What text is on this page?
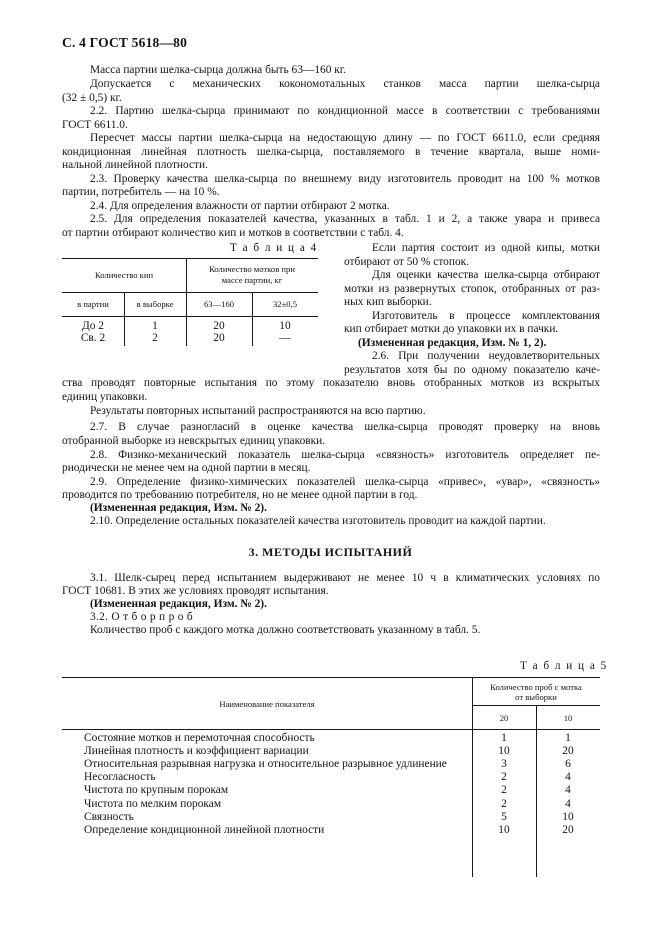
С. 4 ГОСТ 5618—80
Масса партии шелка-сырца должна быть 63—160 кг.
Допускается с механических кокономотальных станков масса партии шелка-сырца
(32 ± 0,5) кг.
2.2. Партию шелка-сырца принимают по кондиционной массе в соответствии с требованиями
ГОСТ 6611.0.
Пересчет массы партии шелка-сырца на недостающую длину — по ГОСТ 6611.0, если средняя
кондиционная линейная плотность шелка-сырца, поставляемого в течение квартала, выше номи-
нальной линейной плотности.
2.3. Проверку качества шелка-сырца по внешнему виду изготовитель проводит на 100 % мотков
партии, потребитель — на 10 %.
2.4. Для определения влажности от партии отбирают 2 мотка.
2.5. Для определения показателей качества, указанных в табл. 1 и 2, а также увара и привеса
от партии отбирают количество кип и мотков в соответствии с табл. 4.
Т а б л и ц а 4
Количество кип
Количество мотков при
массе партии, кг
в партии	в выборке	63—160	32±0,5
До 2	1	20	10
Св. 2	2	20	—
Если партия состоит из одной кипы, мотки
отбирают от 50 % стопок.
Для оценки качества шелка-сырца отбирают
мотки из развернутых стопок, отобранных от раз-
ных кип выборки.
Изготовитель в процессе комплектования
кип отбирает мотки до упаковки их в пачки.
(Измененная редакция, Изм. № 1, 2).
2.6. При получении неудовлетворительных
результатов хотя бы по одному показателю каче-
ства проводят повторные испытания по этому показателю вновь отобранных мотков из вскрытых
единиц упаковки.
Результаты повторных испытаний распространяются на всю партию.
2.7. В случае разногласий в оценке качества шелка-сырца проводят проверку на вновь
отобранной выборке из невскрытых единиц упаковки.
2.8. Физико-механический показатель шелка-сырца «связность» изготовитель определяет пе-
риодически не менее чем на одной партии в месяц.
2.9. Определение физико-химических показателей шелка-сырца «привес», «увар», «связность»
проводится по требованию потребителя, но не менее одной партии в год.
(Измененная редакция, Изм. № 2).
2.10. Определение остальных показателей качества изготовитель проводит на каждой партии.
3. МЕТОДЫ ИСПЫТАНИЙ
3.1. Шелк-сырец перед испытанием выдерживают не менее 10 ч в климатических условиях по
ГОСТ 10681. В этих же условиях проводят испытания.
(Измененная редакция, Изм. № 2).
3.2. О т б о р п р о б
Количество проб с каждого мотка должно соответствовать указанному в табл. 5.
Т а б л и ц а 5
Наименование показателя
Количество проб с мотка
от выборки
20	10
Состояние мотков и перемоточная способность	1	1
Линейная плотность и коэффициент вариации	10	20
Относительная разрывная нагрузка и относительное разрывное удлинение	3	6
Несогласность	2	4
Чистота по крупным порокам	2	4
Чистота по мелким порокам	2	4
Связность	5	10
Определение кондиционной линейной плотности	10	20
